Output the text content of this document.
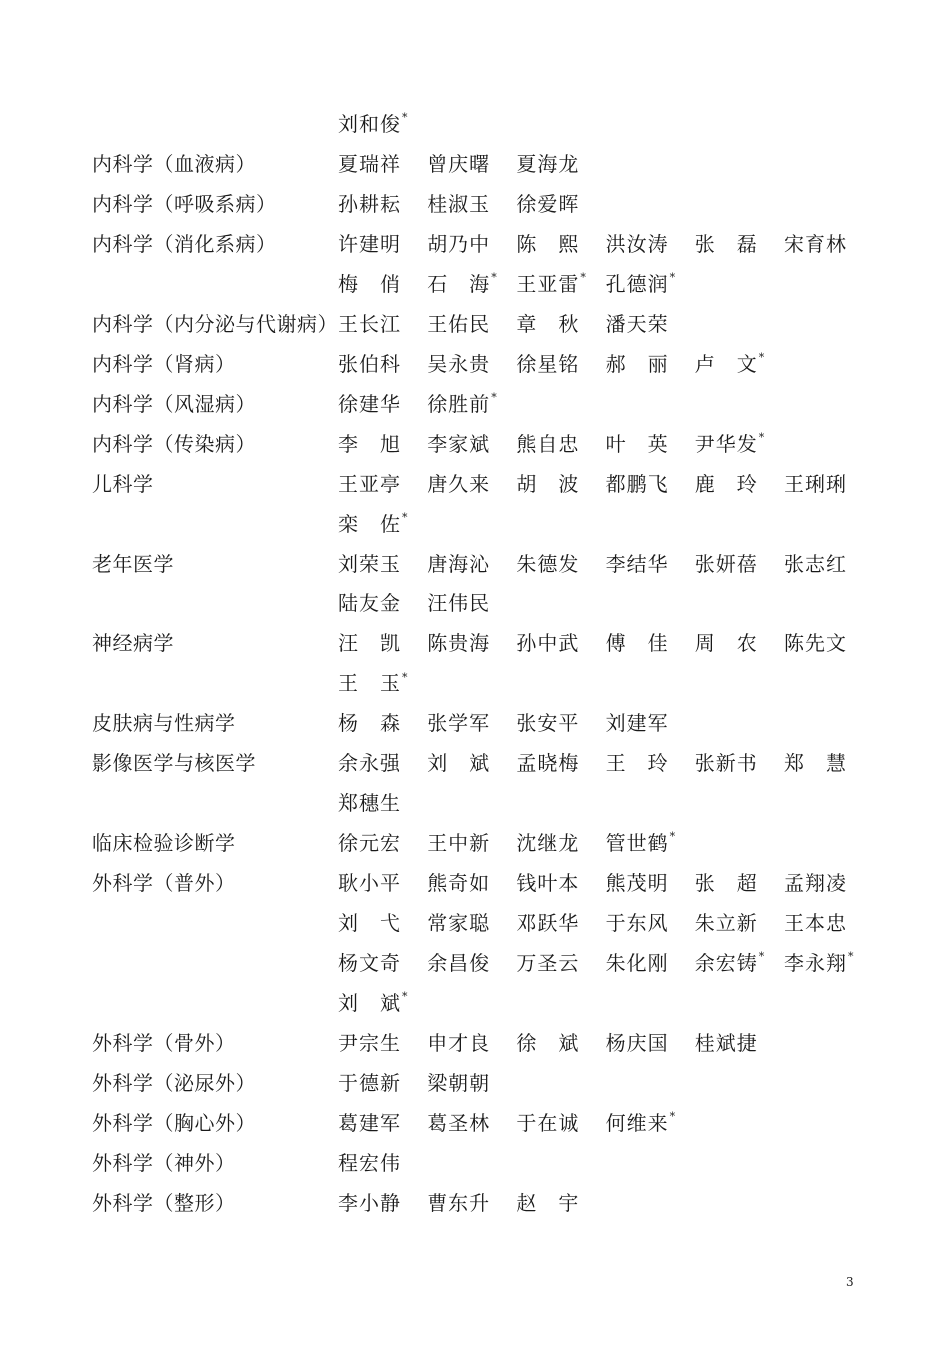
刘和俊*
内科学（血液病）	夏瑞祥 曾庆曙 夏海龙
内科学（呼吸系病）	孙耕耘 桂淑玉 徐爱晖
内科学（消化系病）	许建明 胡乃中 陈　熙 洪汝涛 张　磊 宋育林
梅　俏 石　海* 王亚雷* 孔德润*
内科学（内分泌与代谢病） 王长江 王佑民 章　秋 潘天荣
内科学（肾病）	张伯科 吴永贵 徐星铭 郝　丽 卢　文*
内科学（风湿病）	徐建华 徐胜前*
内科学（传染病）	李　旭 李家斌 熊自忠 叶　英 尹华发*
儿科学	王亚亭 唐久来 胡　波 都鹏飞 鹿　玲 王琍琍
栾　佐*
老年医学	刘荣玉 唐海沁 朱德发 李结华 张妍蓓 张志红
陆友金 汪伟民
神经病学	汪　凯 陈贵海 孙中武 傅　佳 周　农 陈先文
王　玉*
皮肤病与性病学	杨　森 张学军 张安平 刘建军
影像医学与核医学	余永强 刘　斌 孟晓梅 王　玲 张新书 郑　慧
郑穗生
临床检验诊断学	徐元宏 王中新 沈继龙 管世鹤*
外科学（普外）	耿小平 熊奇如 钱叶本 熊茂明 张　超 孟翔凌
刘　弋 常家聪 邓跃华 于东风 朱立新 王本忠
杨文奇 余昌俊 万圣云 朱化刚 余宏铸* 李永翔*
刘　斌*
外科学（骨外）	尹宗生 申才良 徐　斌 杨庆国 桂斌捷
外科学（泌尿外）	于德新 梁朝朝
外科学（胸心外）	葛建军 葛圣林 于在诚 何维来*
外科学（神外）	程宏伟
外科学（整形）	李小静 曹东升 赵　宇
3
